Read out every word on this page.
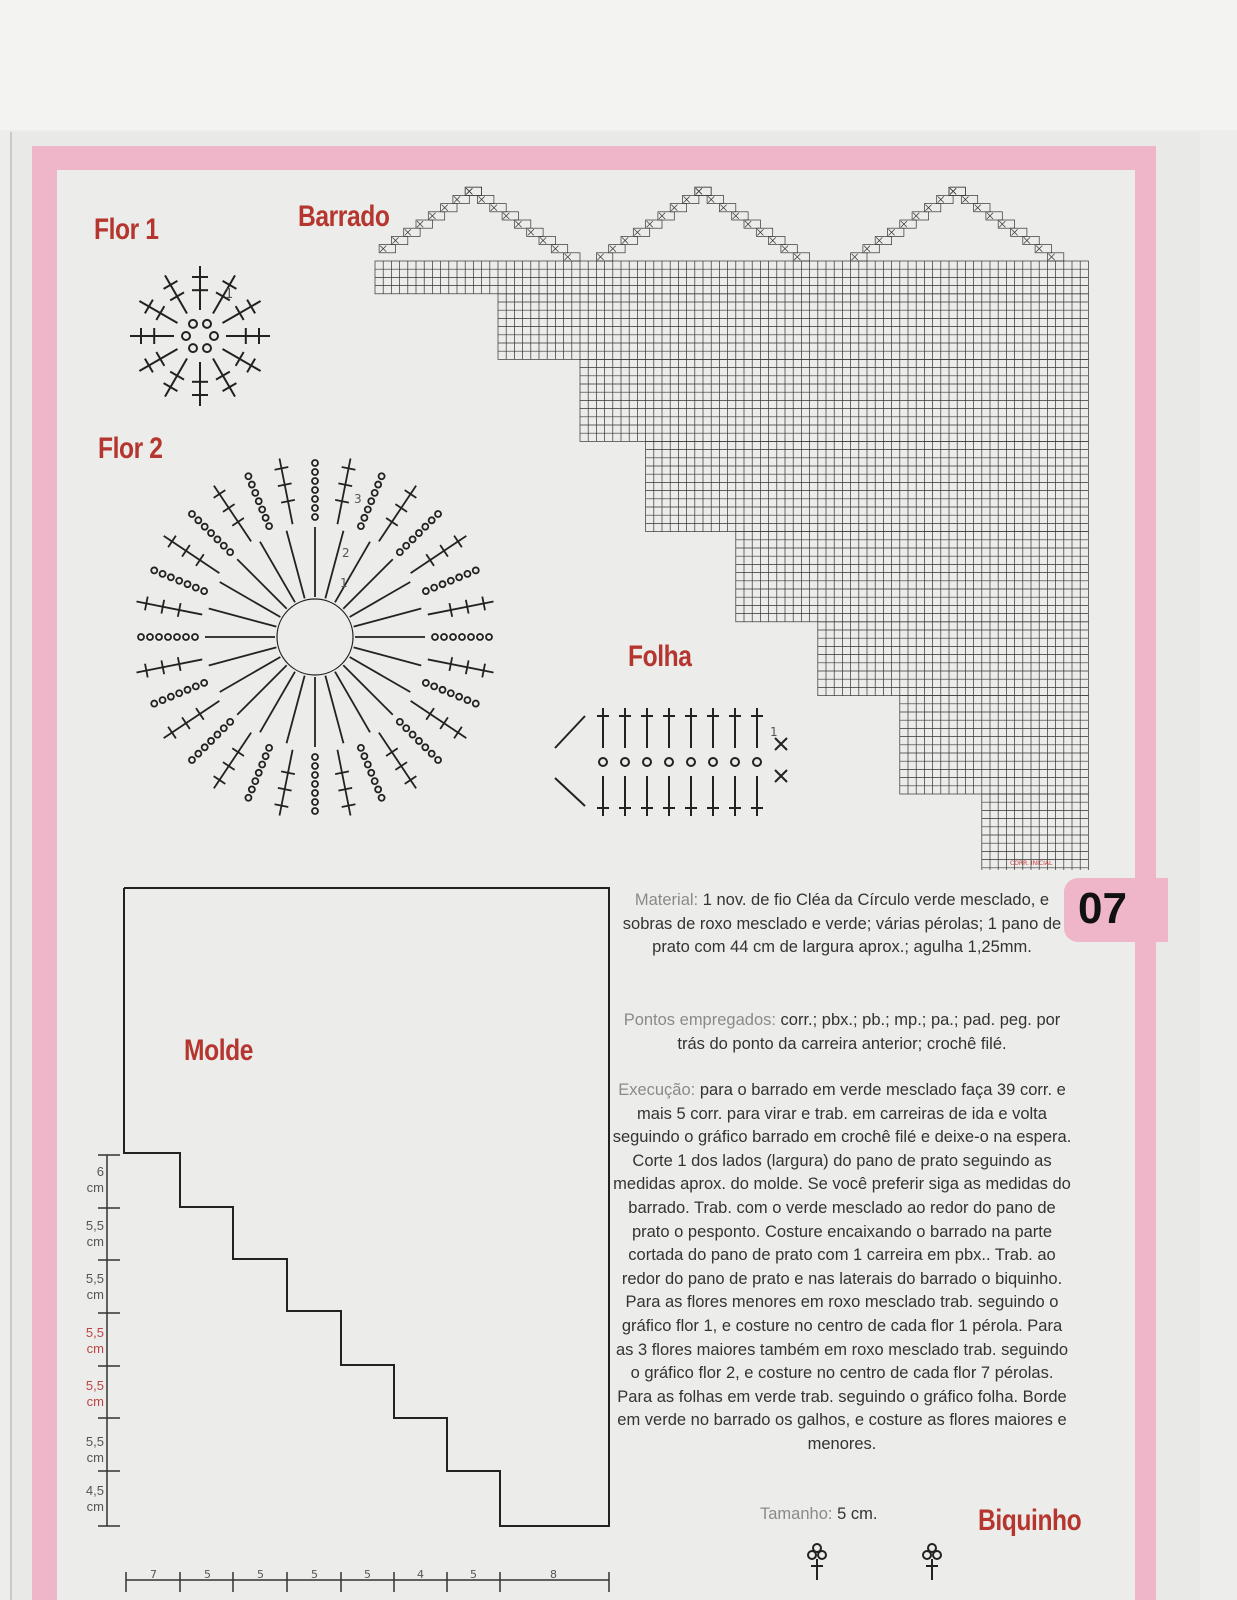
Flor 1	Barrado
Flor 2
Folha
Molde
Biquinho
1
1
2
3
CORR. INICIAL
1
7	5	5	5	5	4	5	8
6
cm
5,5
cm
5,5
cm
5,5
cm
5,5
cm
5,5
cm
4,5
cm
07
Material: 1 nov. de fio Cléa da Círculo verde mesclado, e sobras de roxo mesclado e verde; várias pérolas; 1 pano de prato com 44 cm de largura aprox.; agulha 1,25mm.
Pontos empregados: corr.; pbx.; pb.; mp.; pa.; pad. peg. por trás do ponto da carreira anterior; crochê filé.
Execução: para o barrado em verde mesclado faça 39 corr. e mais 5 corr. para virar e trab. em carreiras de ida e volta seguindo o gráfico barrado em crochê filé e deixe-o na espera. Corte 1 dos lados (largura) do pano de prato seguindo as medidas aprox. do molde. Se você preferir siga as medidas do barrado. Trab. com o verde mesclado ao redor do pano de prato o pesponto. Costure encaixando o barrado na parte cortada do pano de prato com 1 carreira em pbx.. Trab. ao redor do pano de prato e nas laterais do barrado o biquinho. Para as flores menores em roxo mesclado trab. seguindo o gráfico flor 1, e costure no centro de cada flor 1 pérola. Para as 3 flores maiores também em roxo mesclado trab. seguindo o gráfico flor 2, e costure no centro de cada flor 7 pérolas. Para as folhas em verde trab. seguindo o gráfico folha. Borde em verde no barrado os galhos, e costure as flores maiores e menores.
Tamanho: 5 cm.
